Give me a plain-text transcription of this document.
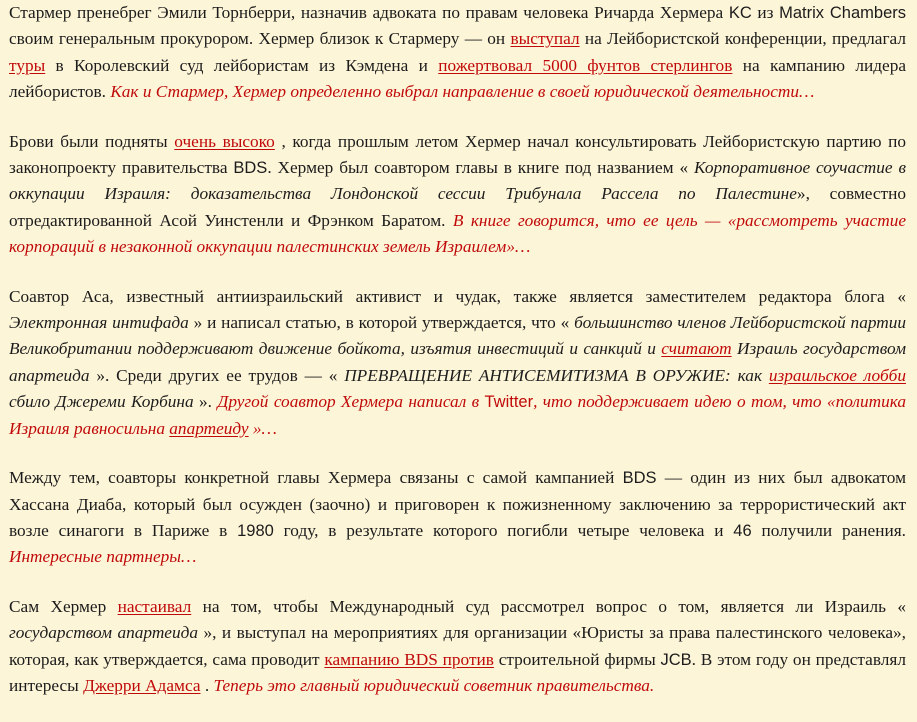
Стармер пренебрег Эмили Торнберри, назначив адвоката по правам человека Ричарда Хермера KC из Matrix Chambers своим генеральным прокурором. Хермер близок к Стармеру — он выступал на Лейбористской конференции, предлагал туры в Королевский суд лейбористам из Кэмдена и пожертвовал 5000 фунтов стерлингов на кампанию лидера лейбористов. Как и Стармер, Хермер определенно выбрал направление в своей юридической деятельности…

Брови были подняты очень высоко , когда прошлым летом Хермер начал консультировать Лейбористскую партию по законопроекту правительства BDS. Хермер был соавтором главы в книге под названием « Корпоративное соучастие в оккупации Израиля: доказательства Лондонской сессии Трибунала Рассела по Палестине», совместно отредактированной Асой Уинстенли и Фрэнком Баратом. В книге говорится, что ее цель — «рассмотреть участие корпораций в незаконной оккупации палестинских земель Израилем»…

Соавтор Аса, известный антиизраильский активист и чудак, также является заместителем редактора блога « Электронная интифада » и написал статью, в которой утверждается, что « большинство членов Лейбористской партии Великобритании поддерживают движение бойкота, изъятия инвестиций и санкций и считают Израиль государством апартеида ». Среди других ее трудов — « ПРЕВРАЩЕНИЕ АНТИСЕМИТИЗМА В ОРУЖИЕ: как израильское лобби сбило Джереми Корбина ». Другой соавтор Хермера написал в Twitter, что поддерживает идею о том, что «политика Израиля равносильна апартеиду »…

Между тем, соавторы конкретной главы Хермера связаны с самой кампанией BDS — один из них был адвокатом Хассана Диаба, который был осужден (заочно) и приговорен к пожизненному заключению за террористический акт возле синагоги в Париже в 1980 году, в результате которого погибли четыре человека и 46 получили ранения. Интересные партнеры…

Сам Хермер настаивал на том, чтобы Международный суд рассмотрел вопрос о том, является ли Израиль « государством апартеида », и выступал на мероприятиях для организации «Юристы за права палестинского человека», которая, как утверждается, сама проводит кампанию BDS против строительной фирмы JCB. В этом году он представлял интересы Джерри Адамса . Теперь это главный юридический советник правительства.
